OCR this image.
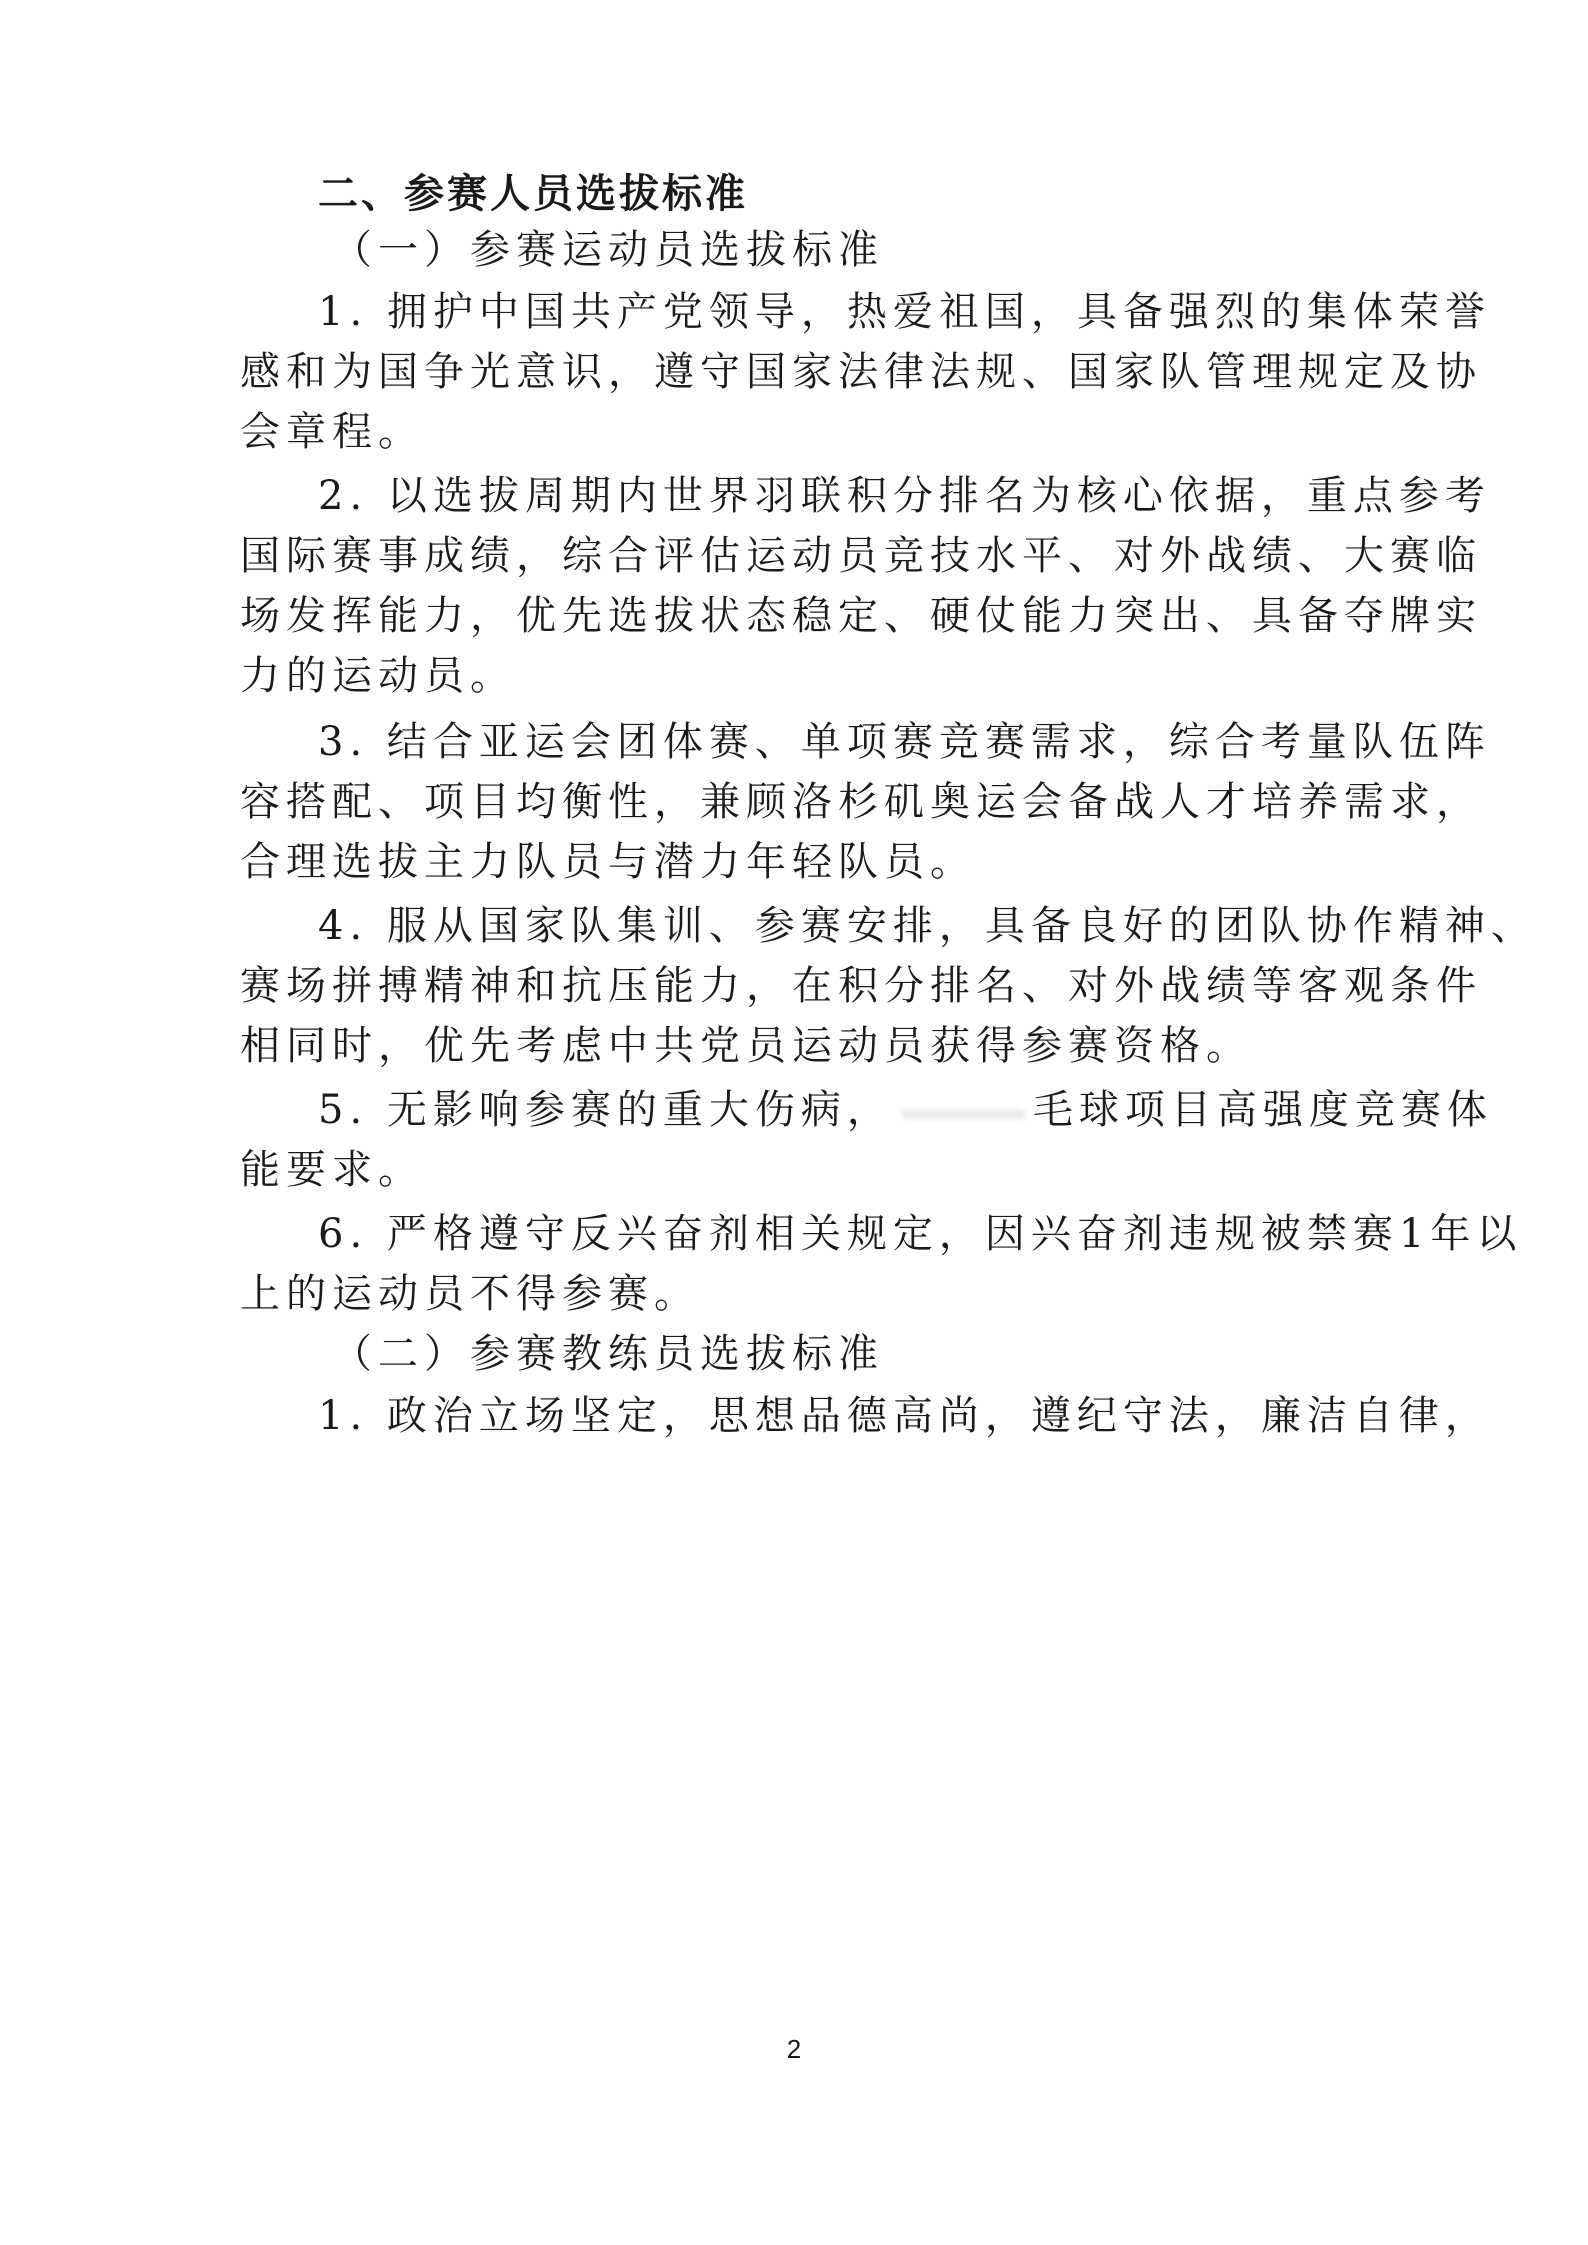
二、参赛人员选拔标准
（一）参赛运动员选拔标准
1. 拥护中国共产党领导，热爱祖国，具备强烈的集体荣誉
感和为国争光意识，遵守国家法律法规、国家队管理规定及协
会章程。
2. 以选拔周期内世界羽联积分排名为核心依据，重点参考
国际赛事成绩，综合评估运动员竞技水平、对外战绩、大赛临
场发挥能力，优先选拔状态稳定、硬仗能力突出、具备夺牌实
力的运动员。
3. 结合亚运会团体赛、单项赛竞赛需求，综合考量队伍阵
容搭配、项目均衡性，兼顾洛杉矶奥运会备战人才培养需求，
合理选拔主力队员与潜力年轻队员。
4. 服从国家队集训、参赛安排，具备良好的团队协作精神、
赛场拼搏精神和抗压能力，在积分排名、对外战绩等客观条件
相同时，优先考虑中共党员运动员获得参赛资格。
5. 无影响参赛的重大伤病，	毛球项目高强度竞赛体
能要求。
6. 严格遵守反兴奋剂相关规定，因兴奋剂违规被禁赛1年以
上的运动员不得参赛。
（二）参赛教练员选拔标准
1. 政治立场坚定，思想品德高尚，遵纪守法，廉洁自律，
2
